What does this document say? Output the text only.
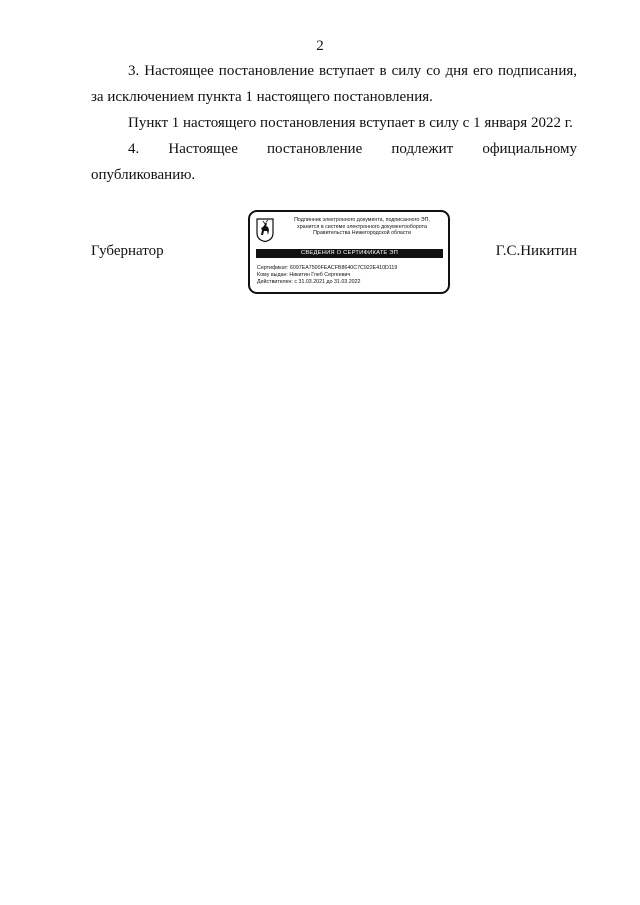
2

3. Настоящее постановление вступает в силу со дня его подписания, за исключением пункта 1 настоящего постановления.

Пункт 1 настоящего постановления вступает в силу с 1 января 2022 г.

4. Настоящее постановление подлежит официальному
опубликованию.
Губернатор	Г.С.Никитин
Подлинник электронного документа, подписанного ЭП,
хранится в системе электронного документооборота
Правительства Нижегородской области
СВЕДЕНИЯ О СЕРТИФИКАТЕ ЭП
Сертификат: 6097EA7500FEACFB8640C7C922E410D119
Кому выдан: Никитин Глеб Сергеевич
Действителен: с 31.03.2021 до 31.03.2022
